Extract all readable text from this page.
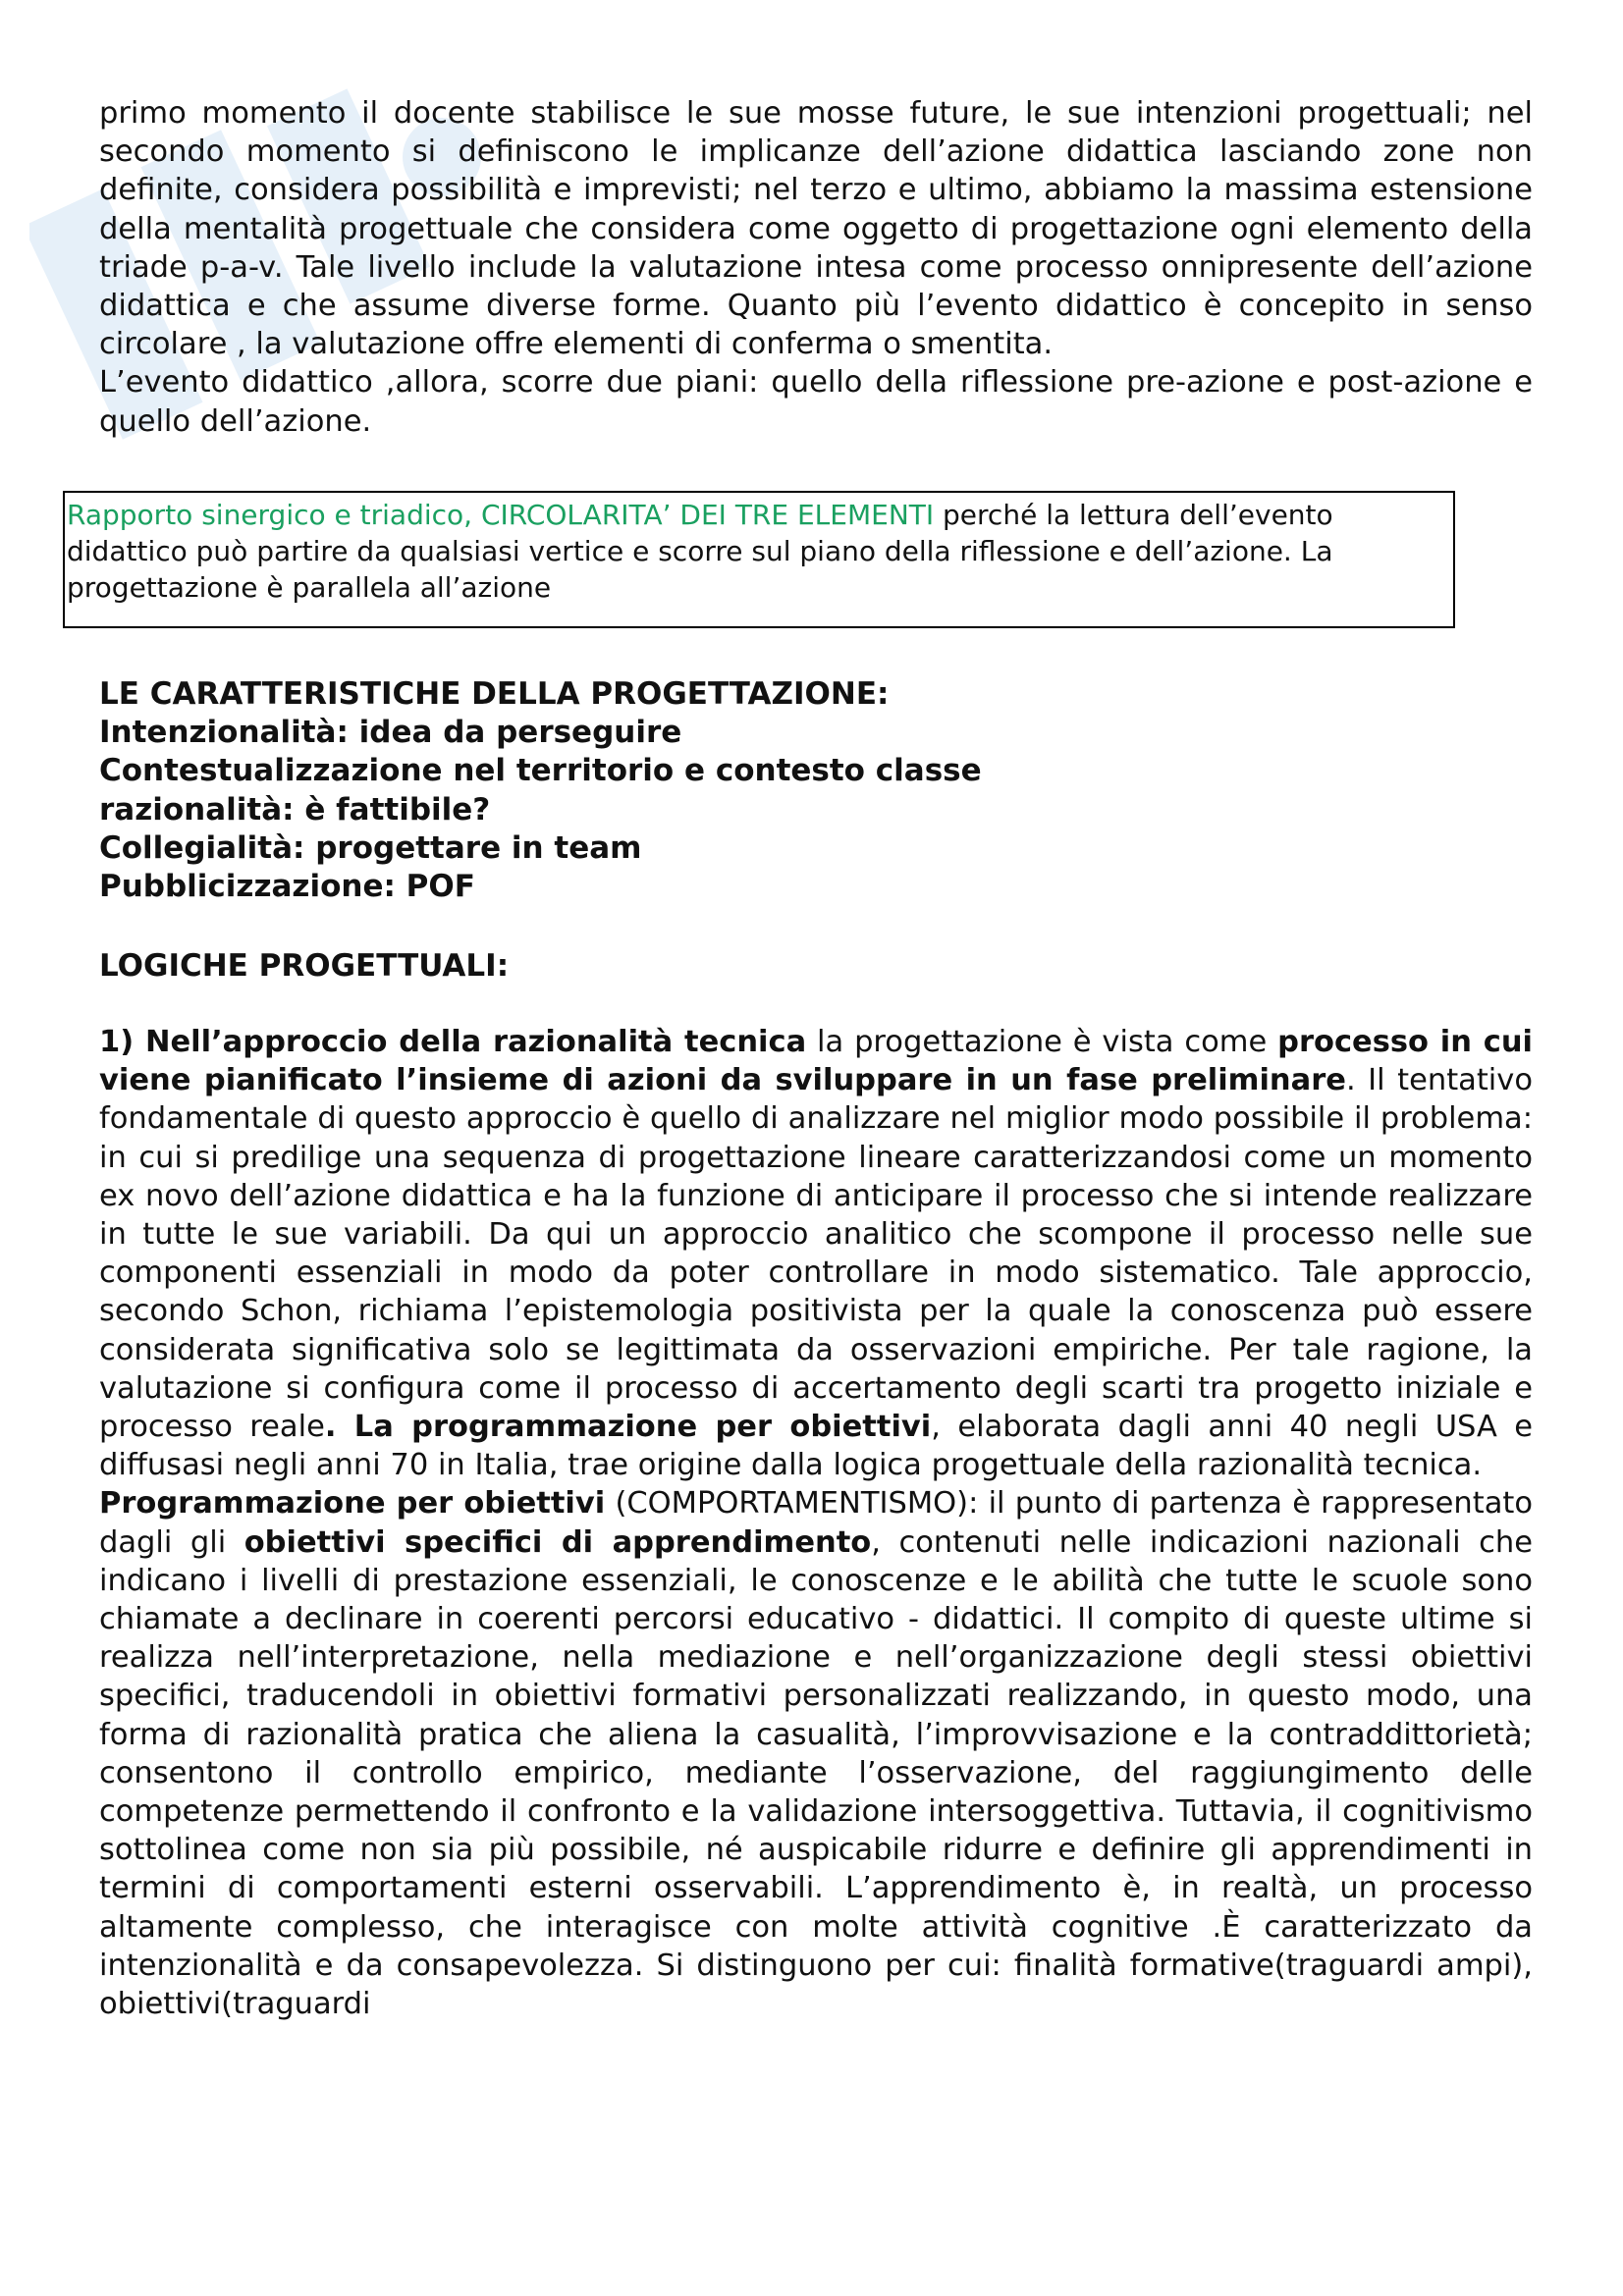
primo momento il docente stabilisce le sue mosse future, le sue intenzioni progettuali; nel secondo momento si definiscono le implicanze dell’azione didattica lasciando zone non definite, considera possibilità e imprevisti; nel terzo e ultimo, abbiamo la massima estensione della mentalità progettuale che considera come oggetto di progettazione ogni elemento della triade p-a-v. Tale livello include la valutazione intesa come processo onnipresente dell’azione didattica e che assume diverse forme. Quanto più l’evento didattico è concepito in senso circolare , la valutazione offre elementi di conferma o smentita.

L’evento didattico ,allora, scorre due piani: quello della riflessione pre-azione e post-azione e quello dell’azione.

Rapporto sinergico e triadico, CIRCOLARITA’ DEI TRE ELEMENTI perché la lettura dell’evento didattico può partire da qualsiasi vertice e scorre sul piano della riflessione e dell’azione. La progettazione è parallela all’azione

LE CARATTERISTICHE DELLA PROGETTAZIONE:
Intenzionalità: idea da perseguire
Contestualizzazione nel territorio e contesto classe
razionalità: è fattibile?
Collegialità: progettare in team
Pubblicizzazione: POF
LOGICHE PROGETTUALI:

1) Nell’approccio della razionalità tecnica la progettazione è vista come processo in cui viene pianificato l’insieme di azioni da sviluppare in un fase preliminare. Il tentativo fondamentale di questo approccio è quello di analizzare nel miglior modo possibile il problema: in cui si predilige una sequenza di progettazione lineare caratterizzandosi come un momento ex novo dell’azione didattica e ha la funzione di anticipare il processo che si intende realizzare in tutte le sue variabili. Da qui un approccio analitico che scompone il processo nelle sue componenti essenziali in modo da poter controllare in modo sistematico. Tale approccio, secondo Schon, richiama l’epistemologia positivista per la quale la conoscenza può essere considerata significativa solo se legittimata da osservazioni empiriche. Per tale ragione, la valutazione si configura come il processo di accertamento degli scarti tra progetto iniziale e processo reale. La programmazione per obiettivi, elaborata dagli anni 40 negli USA e diffusasi negli anni 70 in Italia, trae origine dalla logica progettuale della razionalità tecnica.

Programmazione per obiettivi (COMPORTAMENTISMO): il punto di partenza è rappresentato dagli gli obiettivi specifici di apprendimento, contenuti nelle indicazioni nazionali che indicano i livelli di prestazione essenziali, le conoscenze e le abilità che tutte le scuole sono chiamate a declinare in coerenti percorsi educativo - didattici. Il compito di queste ultime si realizza nell’interpretazione, nella mediazione e nell’organizzazione degli stessi obiettivi specifici, traducendoli in obiettivi formativi personalizzati realizzando, in questo modo, una forma di razionalità pratica che aliena la casualità, l’improvvisazione e la contraddittorietà; consentono il controllo empirico, mediante l’osservazione, del raggiungimento delle competenze permettendo il confronto e la validazione intersoggettiva. Tuttavia, il cognitivismo sottolinea come non sia più possibile, né auspicabile ridurre e definire gli apprendimenti in termini di comportamenti esterni osservabili. L’apprendimento è, in realtà, un processo altamente complesso, che interagisce con molte attività cognitive .È caratterizzato da intenzionalità e da consapevolezza. Si distinguono per cui: finalità formative(traguardi ampi), obiettivi(traguardi
